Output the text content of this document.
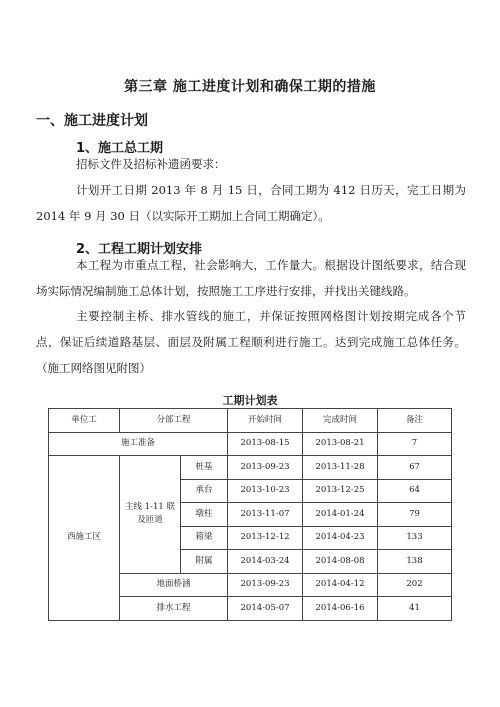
第三章 施工进度计划和确保工期的措施
一、施工进度计划
1、施工总工期
招标文件及招标补遗函要求：
计划开工日期 2013 年 8 月 15 日，合同工期为 412 日历天，完工日期为 2014 年 9 月 30 日（以实际开工期加上合同工期确定）。
2、工程工期计划安排
本工程为市重点工程，社会影响大，工作量大。根据设计图纸要求，结合现场实际情况编制施工总体计划，按照施工工序进行安排，并找出关键线路。
主要控制主桥、排水管线的施工，并保证按照网格图计划按期完成各个节点，保证后续道路基层、面层及附属工程顺利进行施工。达到完成施工总体任务。（施工网络图见附图）
工期计划表
单位工	分部工程		开始时间	完成时间	备注
施工准备			2013-08-15	2013-08-21	7
西施工区	主线 1-11 联及匝道	桩基	2013-09-23	2013-11-28	67
		承台	2013-10-23	2013-12-25	64
		墩柱	2013-11-07	2014-01-24	79
		箱梁	2013-12-12	2014-04-23	133
		附属	2014-03-24	2014-08-08	138
	地面桥涵		2013-09-23	2014-04-12	202
	排水工程		2014-05-07	2014-06-16	41
